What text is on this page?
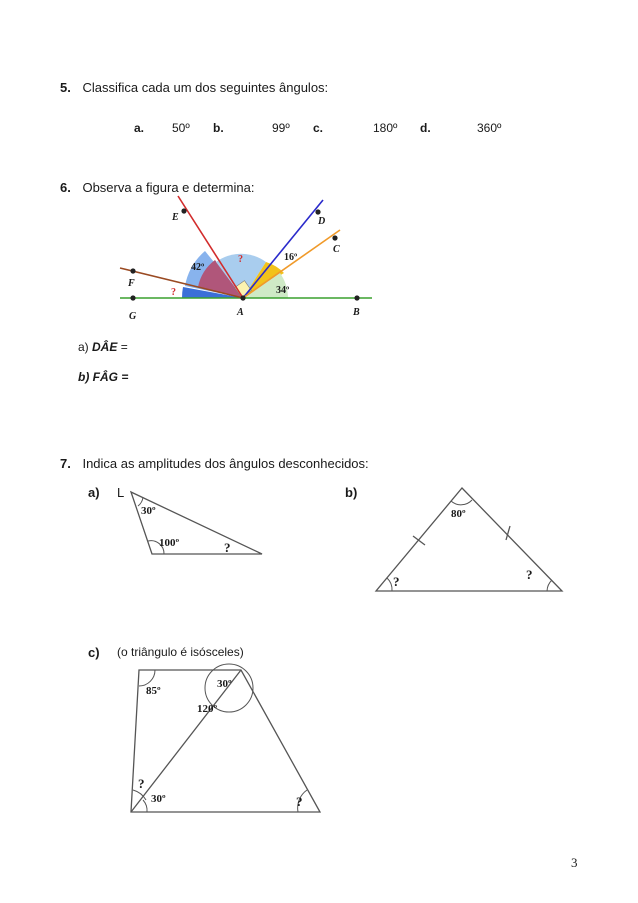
5. Classifica cada um dos seguintes ângulos:
a. 50º b.	99º c.	180º d.	360º
6. Observa a figura e determina:
E	D
C
F
G	A	B
42º
16º
34º
?
?
a) DÂE =
b) FÂG =
7. Indica as amplitudes dos ângulos desconhecidos:
a) L	b)
30º
100º	?
80º
?	?
c) (o triângulo é isósceles)
85º
30º
120º
30º
?
?
3
